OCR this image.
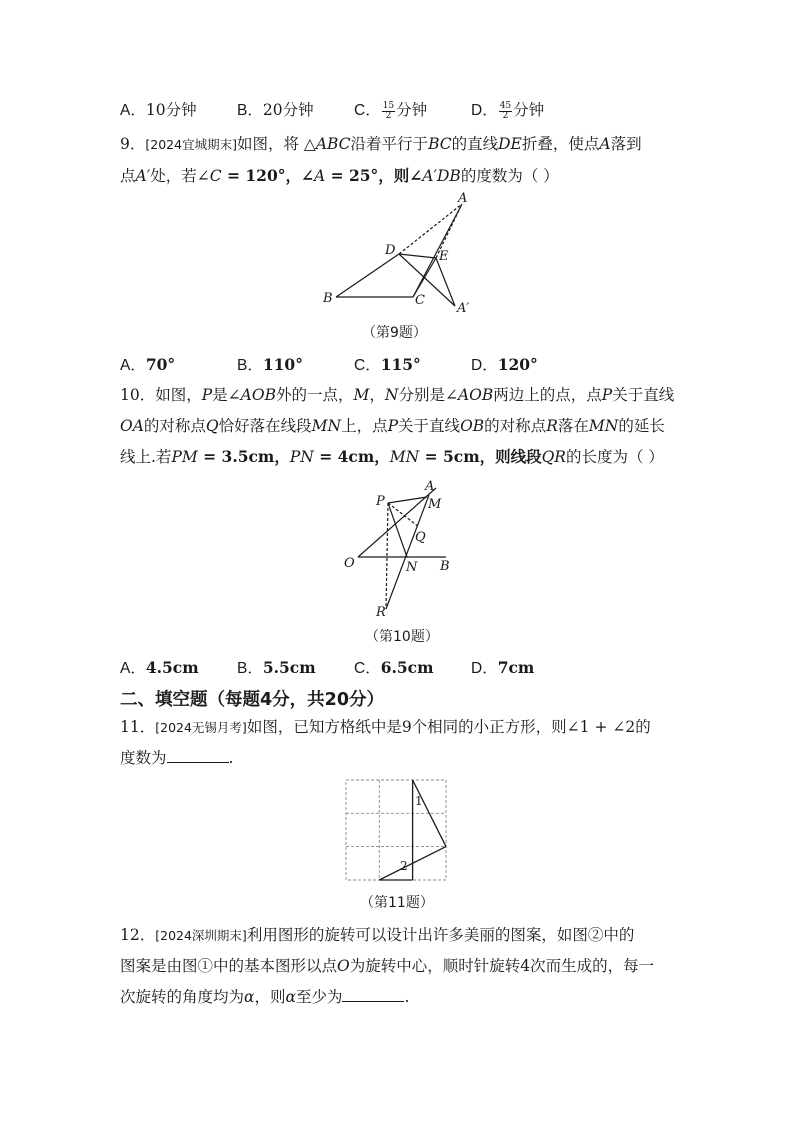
A．10分钟	B．20分钟	C． $\frac{15}{2}$ 分钟	D． $\frac{45}{2}$ 分钟
9．[2024宜城期末]如图，将 △ABC沿着平行于BC的直线DE折叠，使点A落到
点A′处，若∠C = 120°，∠A = 25°，则∠A′DB的度数为（ ）
A
D	E
B	C
A′
（第9题）
A．70°	B．110°	C．115°	D．120°
10．如图，P是∠AOB外的一点，M，N分别是∠AOB两边上的点，点P关于直线
OA的对称点Q恰好落在线段MN上，点P关于直线OB的对称点R落在MN的延长
线上.若PM = 3.5cm，PN = 4cm，MN = 5cm，则线段QR的长度为（ ）
P
A
M
Q
O	N B
R
（第10题）
A．4.5cm B．5.5cm C．6.5cm D．7cm
二、填空题（每题4分，共20分）
11．[2024无锡月考]如图，已知方格纸中是9个相同的小正方形，则∠1 + ∠2的
度数为	.
1
2
（第11题）
12．[2024深圳期末]利用图形的旋转可以设计出许多美丽的图案，如图②中的
图案是由图①中的基本图形以点O为旋转中心，顺时针旋转4次而生成的，每一
次旋转的角度均为α，则α至少为	.
